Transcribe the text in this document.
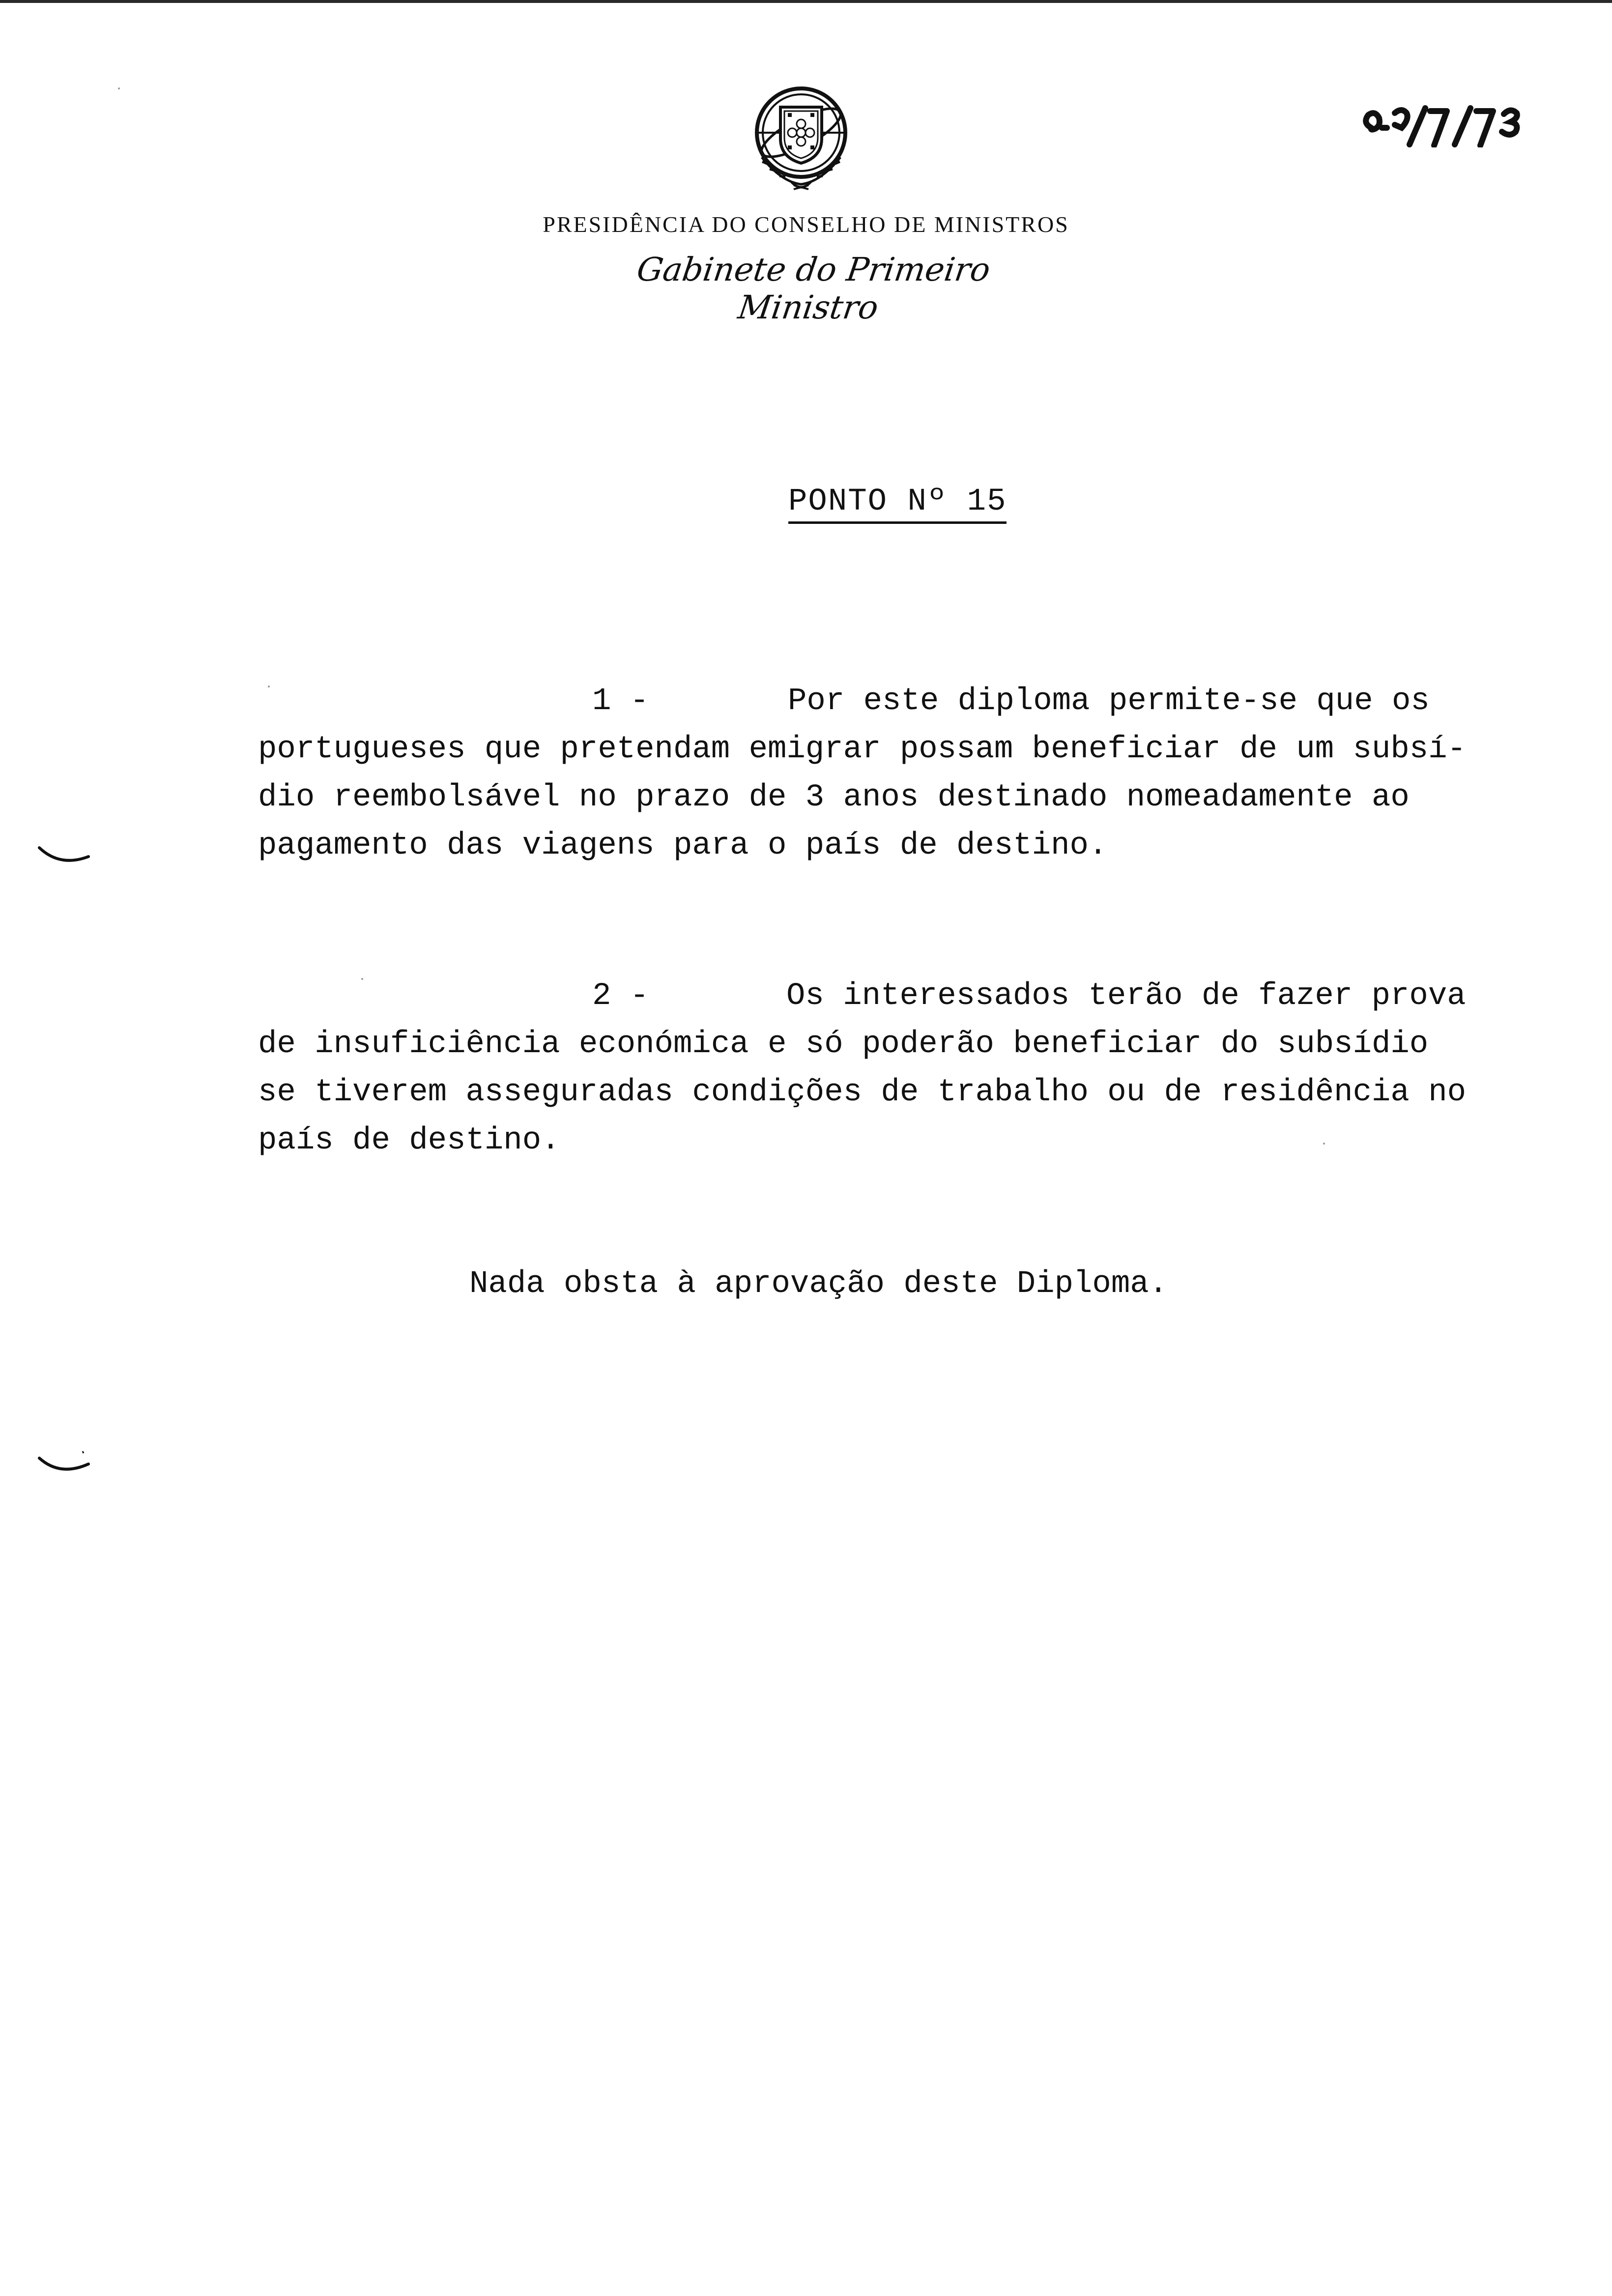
PRESIDÊNCIA DO CONSELHO DE MINISTROS
Gabinete do Primeiro Ministro
PONTO Nº 15
1 -	Por este diploma permite-se que os
portugueses que pretendam emigrar possam beneficiar de um subsí-
dio reembolsável no prazo de 3 anos destinado nomeadamente ao
pagamento das viagens para o país de destino.
2 -	Os interessados terão de fazer prova
de insuficiência económica e só poderão beneficiar do subsídio
se tiverem asseguradas condições de trabalho ou de residência no
país de destino.
Nada obsta à aprovação deste Diploma.
